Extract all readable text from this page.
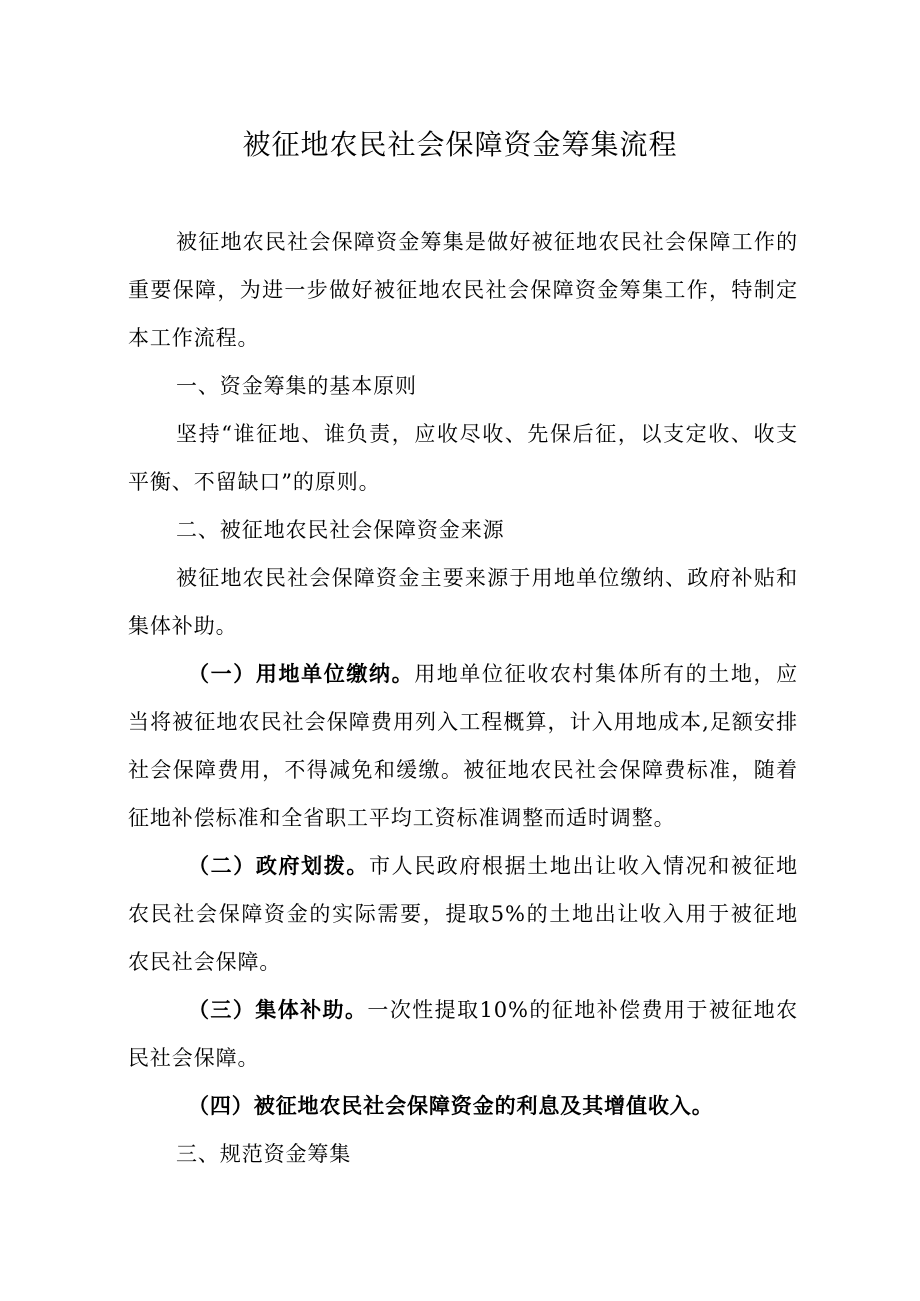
被征地农民社会保障资金筹集流程

被征地农民社会保障资金筹集是做好被征地农民社会保障工作的重要保障，为进一步做好被征地农民社会保障资金筹集工作，特制定本工作流程。

一、资金筹集的基本原则

坚持“谁征地、谁负责，应收尽收、先保后征，以支定收、收支平衡、不留缺口”的原则。

二、被征地农民社会保障资金来源

被征地农民社会保障资金主要来源于用地单位缴纳、政府补贴和集体补助。

（一）用地单位缴纳。用地单位征收农村集体所有的土地，应当将被征地农民社会保障费用列入工程概算，计入用地成本,足额安排社会保障费用，不得减免和缓缴。被征地农民社会保障费标准，随着征地补偿标准和全省职工平均工资标准调整而适时调整。

（二）政府划拨。市人民政府根据土地出让收入情况和被征地农民社会保障资金的实际需要，提取5%的土地出让收入用于被征地农民社会保障。

（三）集体补助。一次性提取10%的征地补偿费用于被征地农民社会保障。

（四）被征地农民社会保障资金的利息及其增值收入。

三、规范资金筹集
